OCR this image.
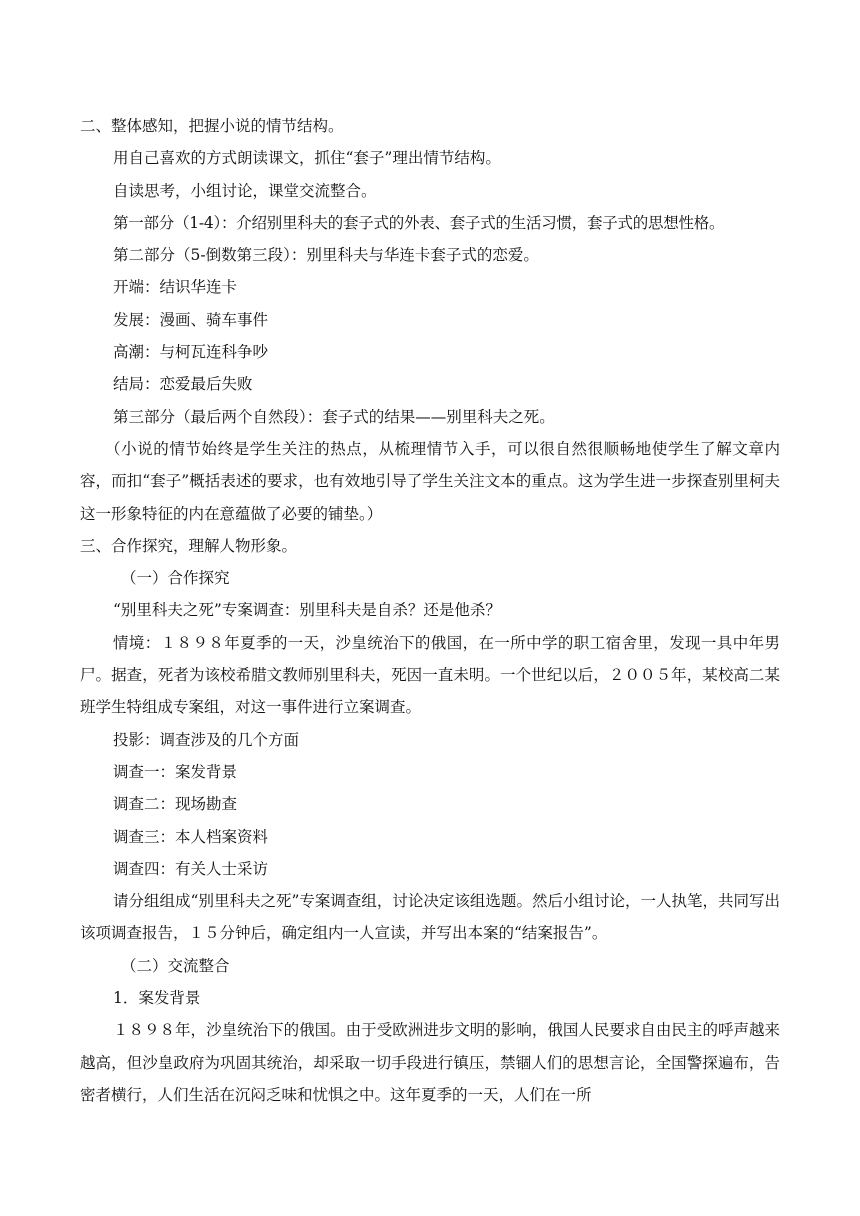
二、整体感知，把握小说的情节结构。

用自己喜欢的方式朗读课文，抓住“套子”理出情节结构。

自读思考，小组讨论，课堂交流整合。

第一部分（1-4）：介绍别里科夫的套子式的外表、套子式的生活习惯，套子式的思想性格。

第二部分（5-倒数第三段）：别里科夫与华连卡套子式的恋爱。

开端：结识华连卡

发展：漫画、骑车事件

高潮：与柯瓦连科争吵

结局：恋爱最后失败

第三部分（最后两个自然段）：套子式的结果——别里科夫之死。

（小说的情节始终是学生关注的热点，从梳理情节入手，可以很自然很顺畅地使学生了解文章内容，而扣“套子”概括表述的要求，也有效地引导了学生关注文本的重点。这为学生进一步探查别里柯夫这一形象特征的内在意蕴做了必要的铺垫。）

三、合作探究，理解人物形象。

（一）合作探究

“别里科夫之死”专案调查：别里科夫是自杀？还是他杀？

情境：１８９８年夏季的一天，沙皇统治下的俄国，在一所中学的职工宿舍里，发现一具中年男尸。据查，死者为该校希腊文教师别里科夫，死因一直未明。一个世纪以后，２００５年，某校高二某班学生特组成专案组，对这一事件进行立案调查。

投影：调查涉及的几个方面

调查一：案发背景

调查二：现场勘查

调查三：本人档案资料

调查四：有关人士采访

请分组组成“别里科夫之死”专案调查组，讨论决定该组选题。然后小组讨论，一人执笔，共同写出该项调查报告，１５分钟后，确定组内一人宣读，并写出本案的“结案报告”。

（二）交流整合

1．案发背景

１８９８年，沙皇统治下的俄国。由于受欧洲进步文明的影响，俄国人民要求自由民主的呼声越来越高，但沙皇政府为巩固其统治，却采取一切手段进行镇压，禁锢人们的思想言论，全国警探遍布，告密者横行，人们生活在沉闷乏味和忧惧之中。这年夏季的一天，人们在一所
